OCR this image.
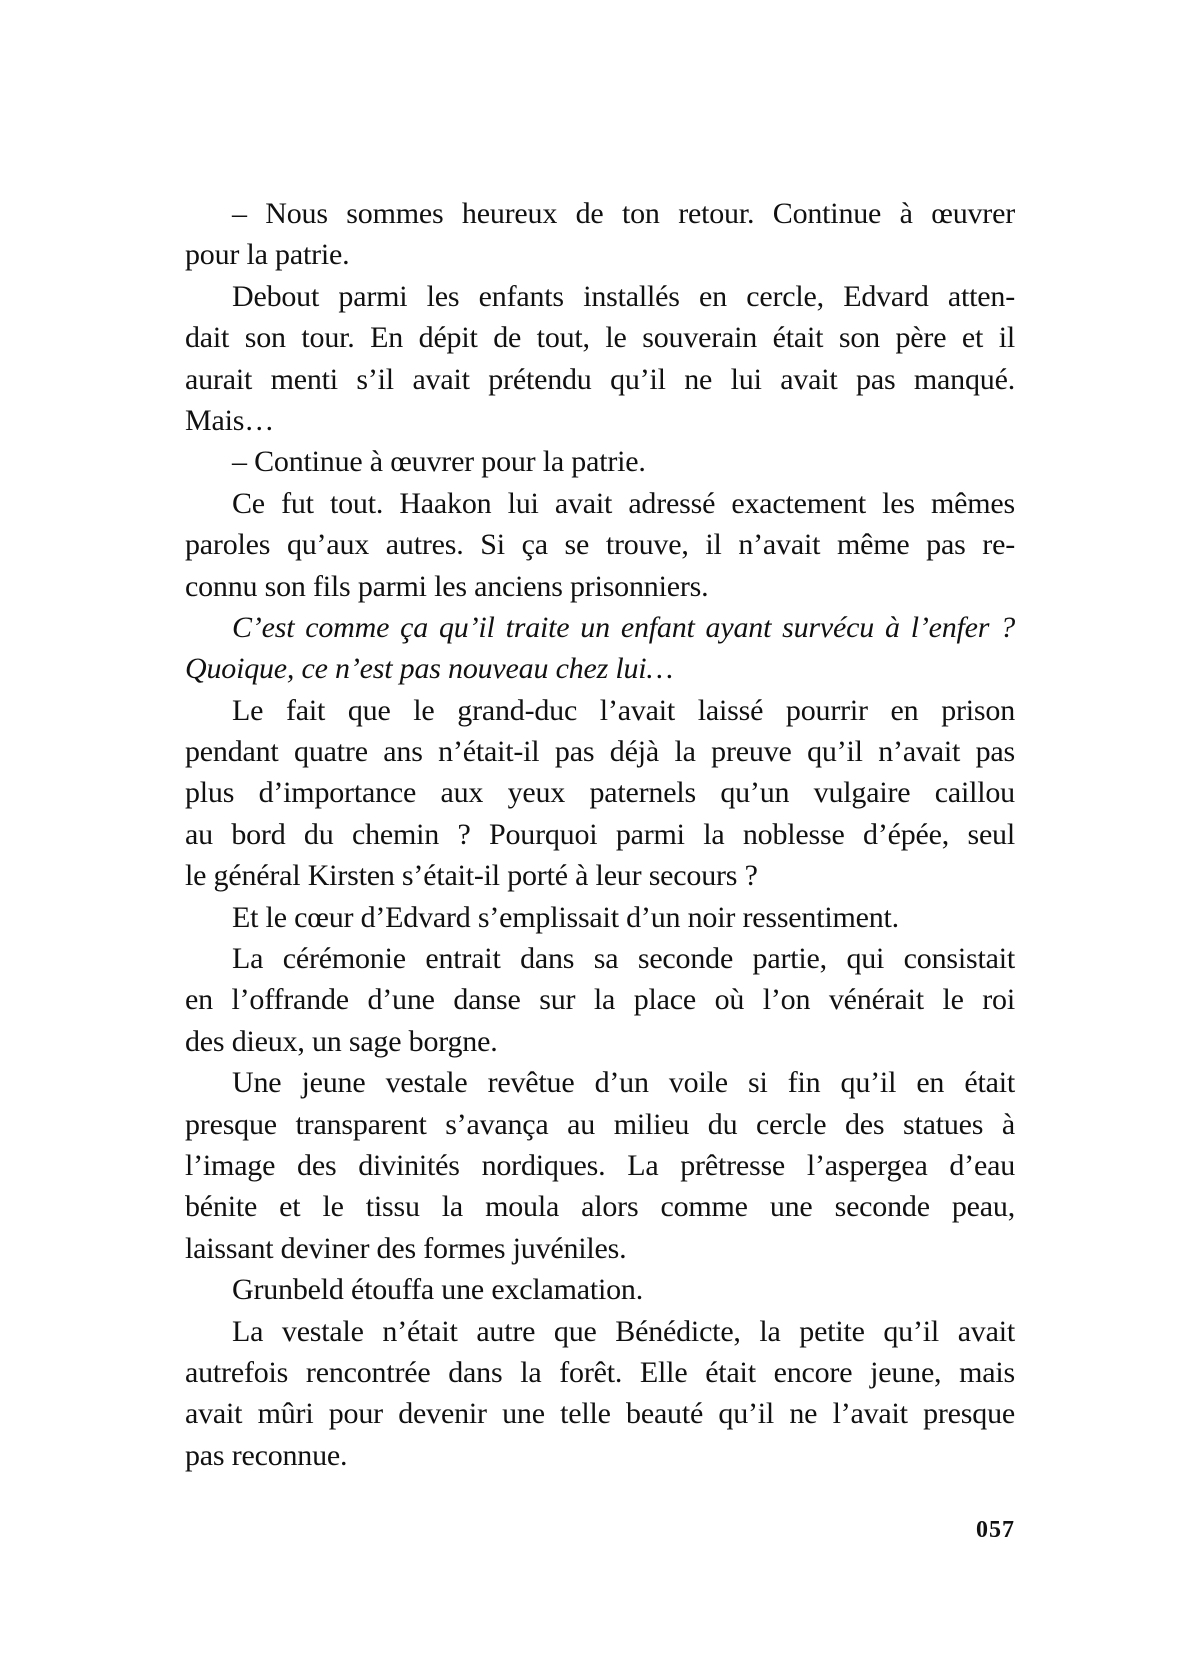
– Nous sommes heureux de ton retour. Continue à œuvrer
pour la patrie.
Debout parmi les enfants installés en cercle, Edvard atten-
dait son tour. En dépit de tout, le souverain était son père et il
aurait menti s’il avait prétendu qu’il ne lui avait pas manqué.
Mais…
– Continue à œuvrer pour la patrie.
Ce fut tout. Haakon lui avait adressé exactement les mêmes
paroles qu’aux autres. Si ça se trouve, il n’avait même pas re-
connu son fils parmi les anciens prisonniers.
C’est comme ça qu’il traite un enfant ayant survécu à l’enfer ?
Quoique, ce n’est pas nouveau chez lui…
Le fait que le grand-duc l’avait laissé pourrir en prison
pendant quatre ans n’était-il pas déjà la preuve qu’il n’avait pas
plus d’importance aux yeux paternels qu’un vulgaire caillou
au bord du chemin ? Pourquoi parmi la noblesse d’épée, seul
le général Kirsten s’était-il porté à leur secours ?
Et le cœur d’Edvard s’emplissait d’un noir ressentiment.
La cérémonie entrait dans sa seconde partie, qui consistait
en l’offrande d’une danse sur la place où l’on vénérait le roi
des dieux, un sage borgne.
Une jeune vestale revêtue d’un voile si fin qu’il en était
presque transparent s’avança au milieu du cercle des statues à
l’image des divinités nordiques. La prêtresse l’aspergea d’eau
bénite et le tissu la moula alors comme une seconde peau,
laissant deviner des formes juvéniles.
Grunbeld étouffa une exclamation.
La vestale n’était autre que Bénédicte, la petite qu’il avait
autrefois rencontrée dans la forêt. Elle était encore jeune, mais
avait mûri pour devenir une telle beauté qu’il ne l’avait presque
pas reconnue.
057
